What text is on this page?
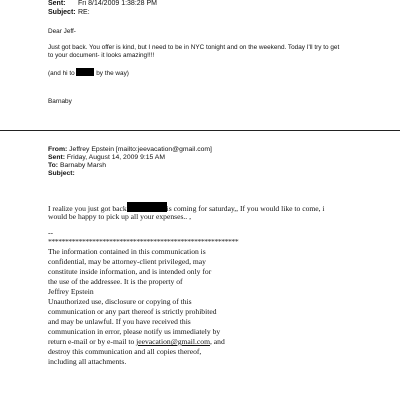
Sent: Fri 8/14/2009 1:38:28 PM
Subject: RE:
Dear Jeff-
Just got back. You offer is kind, but I need to be in NYC tonight and on the weekend. Today I'll try to get
to your document- it looks amazing!!!!
(and hi to	by the way)
Barnaby
From: Jeffrey Epstein [mailto:jeevacation@gmail.com]
Sent: Friday, August 14, 2009 9:15 AM
To: Barnaby Marsh
Subject:
I realize you just got back	is coming for saturday,, If you would like to come, i
would be happy to pick up all your expenses.. ,
--
********************************************************
The information contained in this communication is
confidential, may be attorney-client privileged, may
constitute inside information, and is intended only for
the use of the addressee. It is the property of
Jeffrey Epstein
Unauthorized use, disclosure or copying of this
communication or any part thereof is strictly prohibited
and may be unlawful. If you have received this
communication in error, please notify us immediately by
return e-mail or by e-mail to jeevacation@gmail.com, and
destroy this communication and all copies thereof,
including all attachments.
